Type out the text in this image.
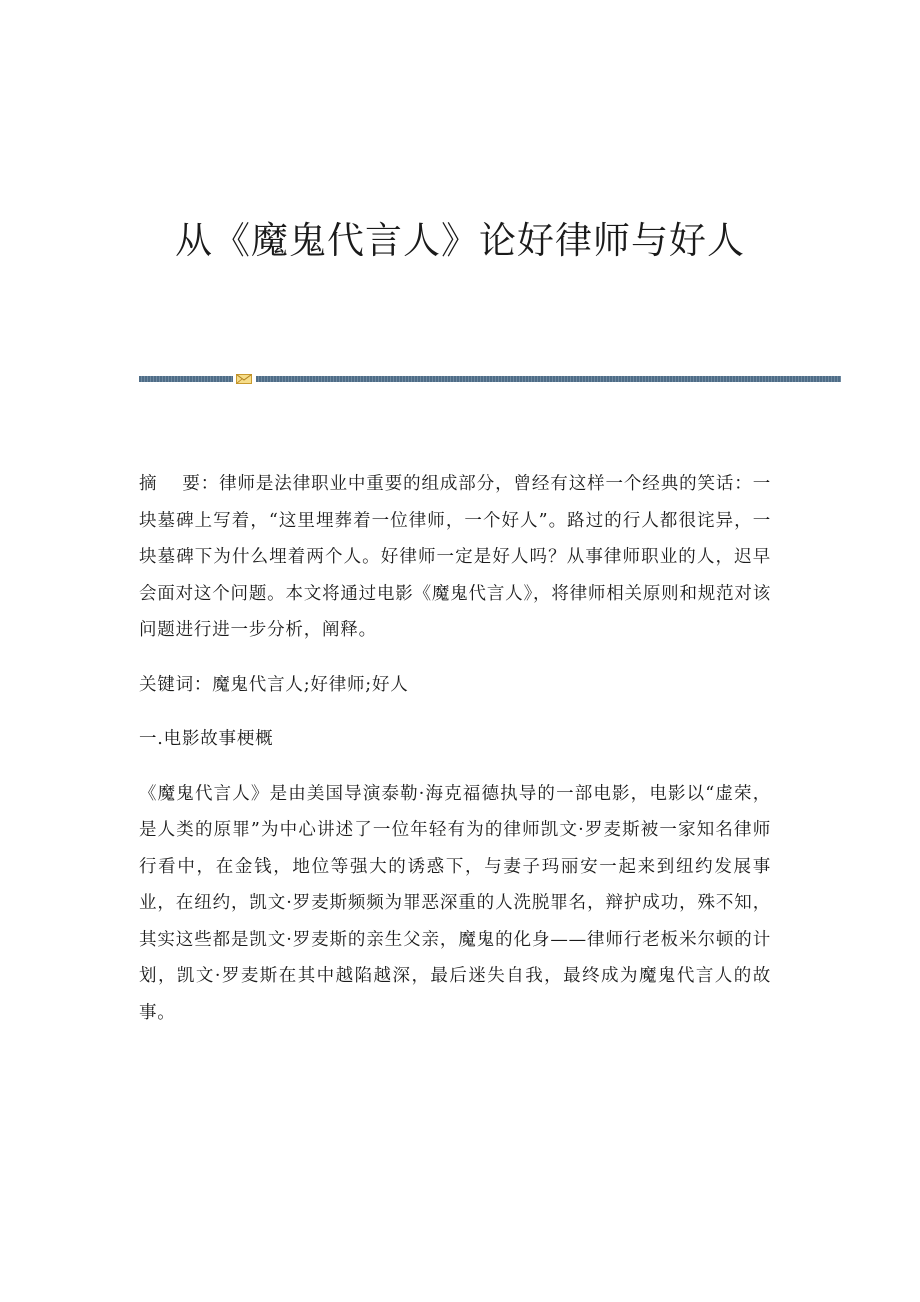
从《魔鬼代言人》论好律师与好人

摘 要： 律师是法律职业中重要的组成部分，曾经有这样一个经典的笑话：一块墓碑上写着，“这里埋葬着一位律师，一个好人”。路过的行人都很诧异，一块墓碑下为什么埋着两个人。好律师一定是好人吗？从事律师职业的人，迟早会面对这个问题。本文将通过电影《魔鬼代言人》，将律师相关原则和规范对该问题进行进一步分析，阐释。

关键词：魔鬼代言人;好律师;好人

一.电影故事梗概

《魔鬼代言人》是由美国导演泰勒·海克福德执导的一部电影，电影以“虚荣，是人类的原罪”为中心讲述了一位年轻有为的律师凯文·罗麦斯被一家知名律师行看中，在金钱，地位等强大的诱惑下，与妻子玛丽安一起来到纽约发展事业，在纽约，凯文·罗麦斯频频为罪恶深重的人洗脱罪名，辩护成功，殊不知，其实这些都是凯文·罗麦斯的亲生父亲，魔鬼的化身——律师行老板米尔顿的计划，凯文·罗麦斯在其中越陷越深，最后迷失自我，最终成为魔鬼代言人的故事。
